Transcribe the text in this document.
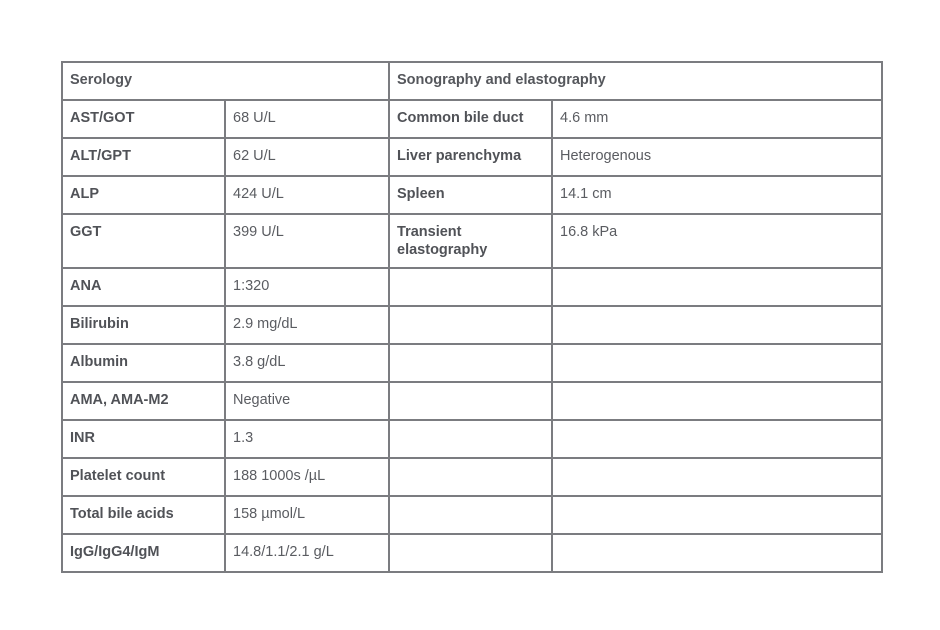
Serology		Sonography and elastography	
AST/GOT	68 U/L	Common bile duct	4.6 mm
ALT/GPT	62 U/L	Liver parenchyma	Heterogenous
ALP	424 U/L	Spleen	14.1 cm
GGT	399 U/L	Transient elastography	16.8 kPa
ANA	1:320		
Bilirubin	2.9 mg/dL		
Albumin	3.8 g/dL		
AMA, AMA-M2	Negative		
INR	1.3		
Platelet count	188 1000s /µL		
Total bile acids	158 µmol/L		
IgG/IgG4/IgM	14.8/1.1/2.1 g/L		
